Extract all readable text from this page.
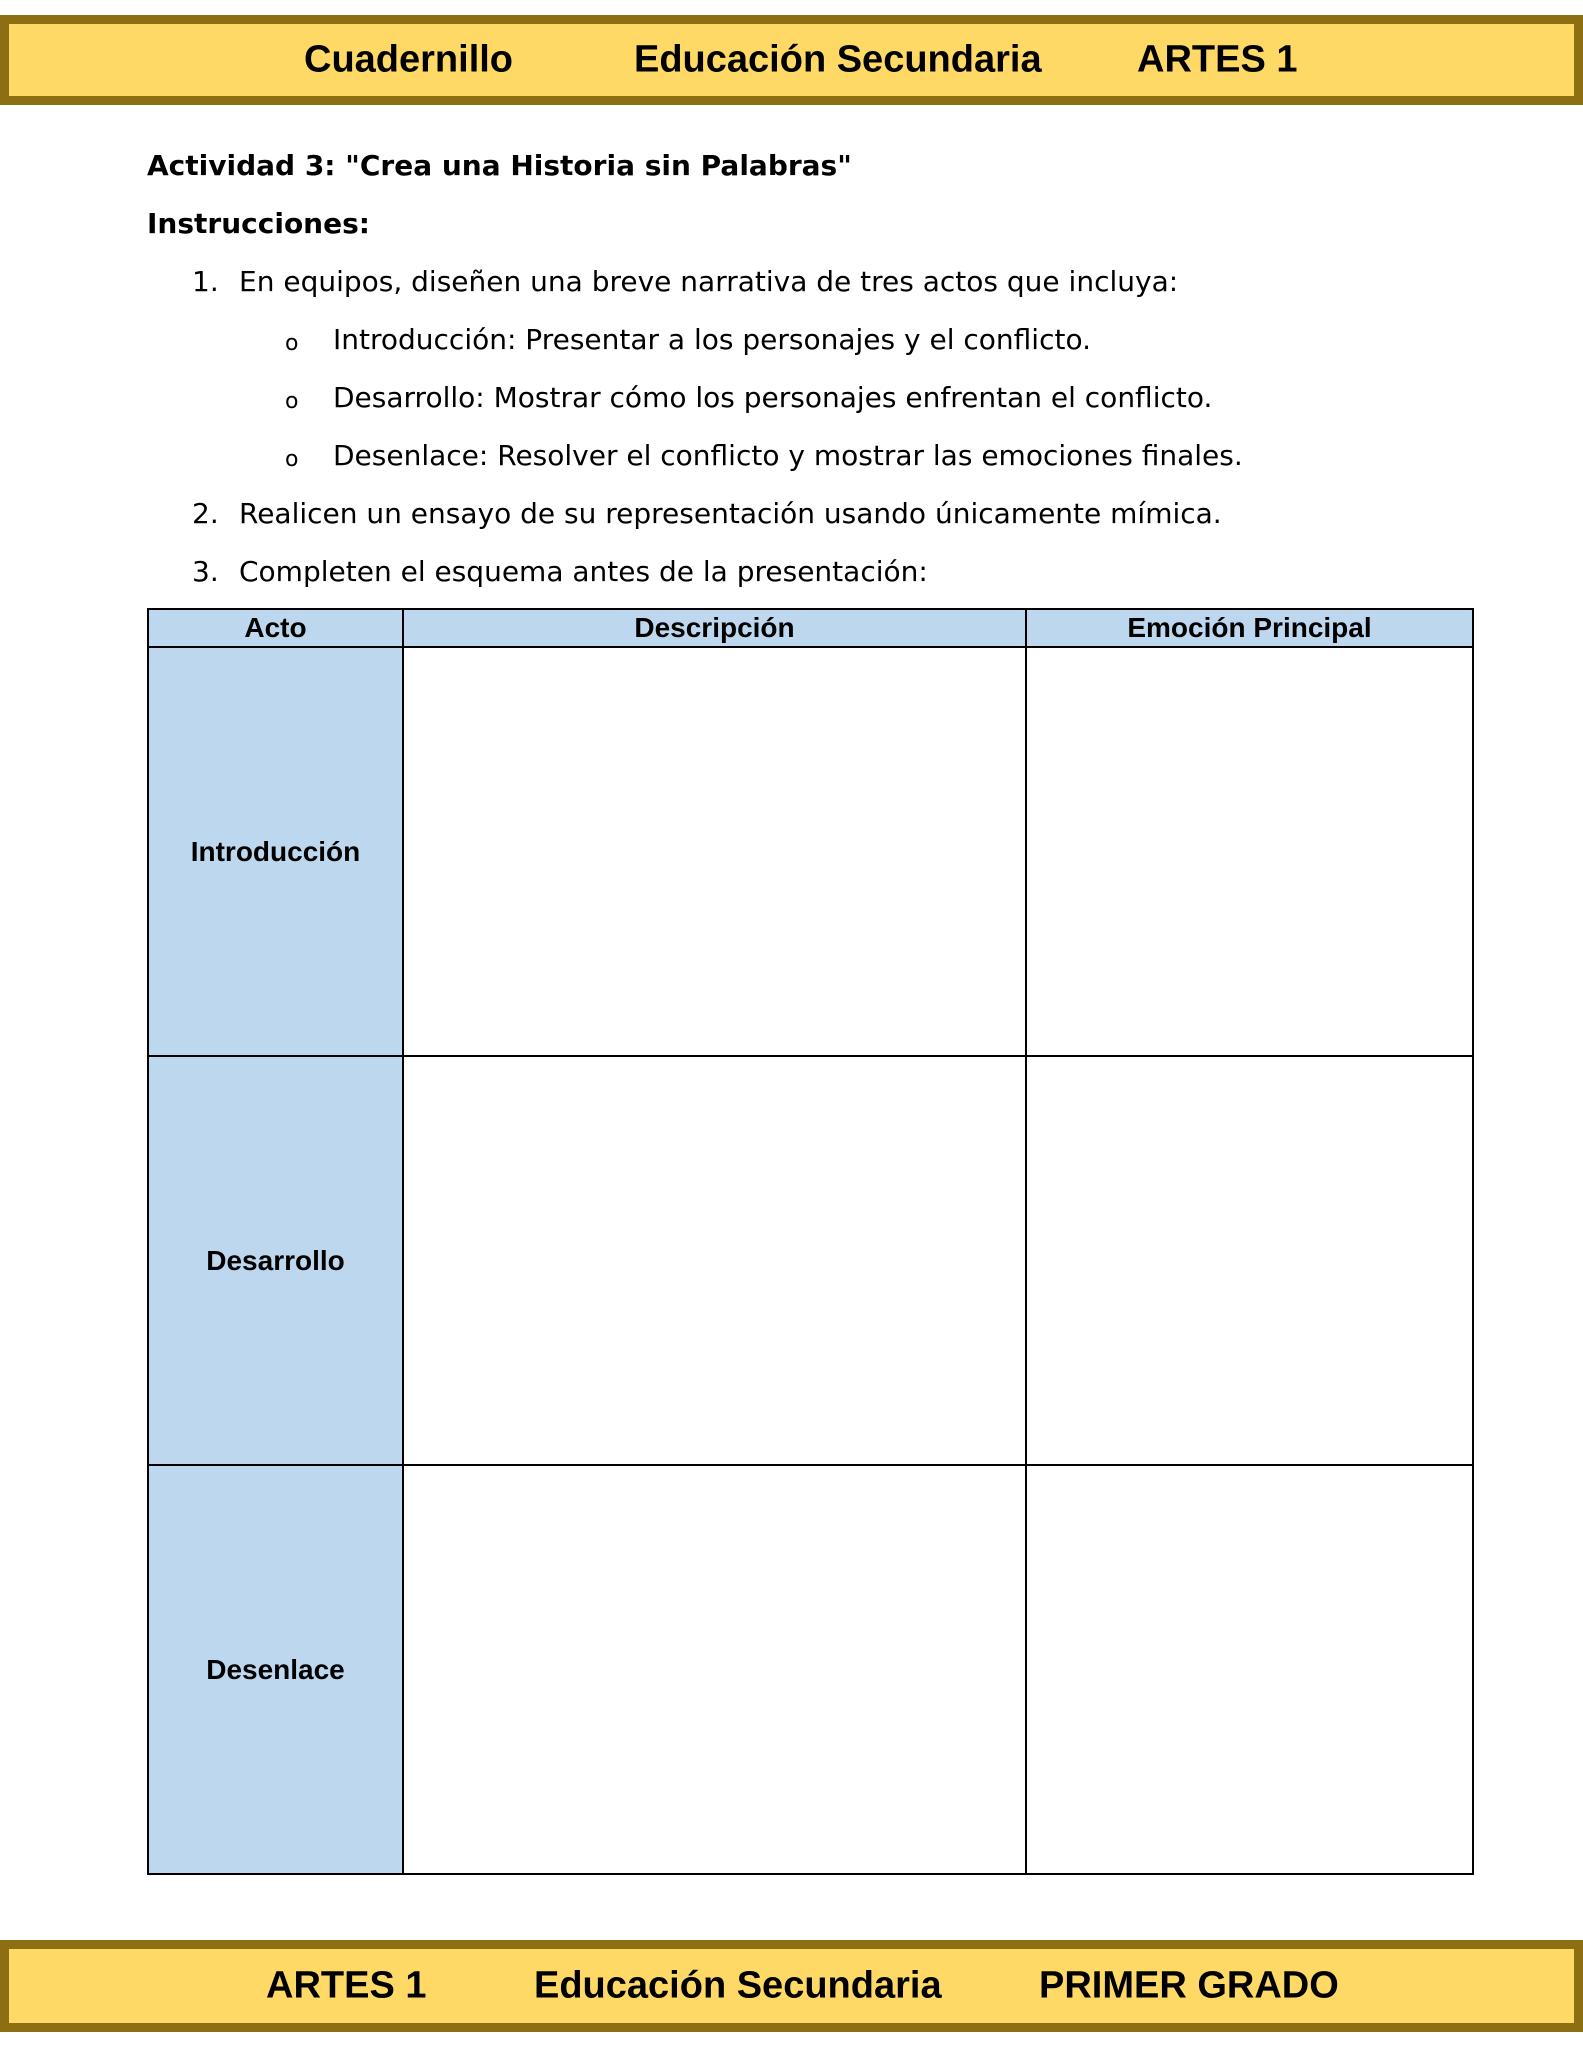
Cuadernillo	Educación Secundaria	ARTES 1

Actividad 3: "Crea una Historia sin Palabras"

Instrucciones:

1. En equipos, diseñen una breve narrativa de tres actos que incluya:
o Introducción: Presentar a los personajes y el conflicto.
o Desarrollo: Mostrar cómo los personajes enfrentan el conflicto.
o Desenlace: Resolver el conflicto y mostrar las emociones finales.
2. Realicen un ensayo de su representación usando únicamente mímica.
3. Completen el esquema antes de la presentación:
Acto	Descripción	Emoción Principal
Introducción		
Desarrollo		
Desenlace		
ARTES 1	Educación Secundaria	PRIMER GRADO
